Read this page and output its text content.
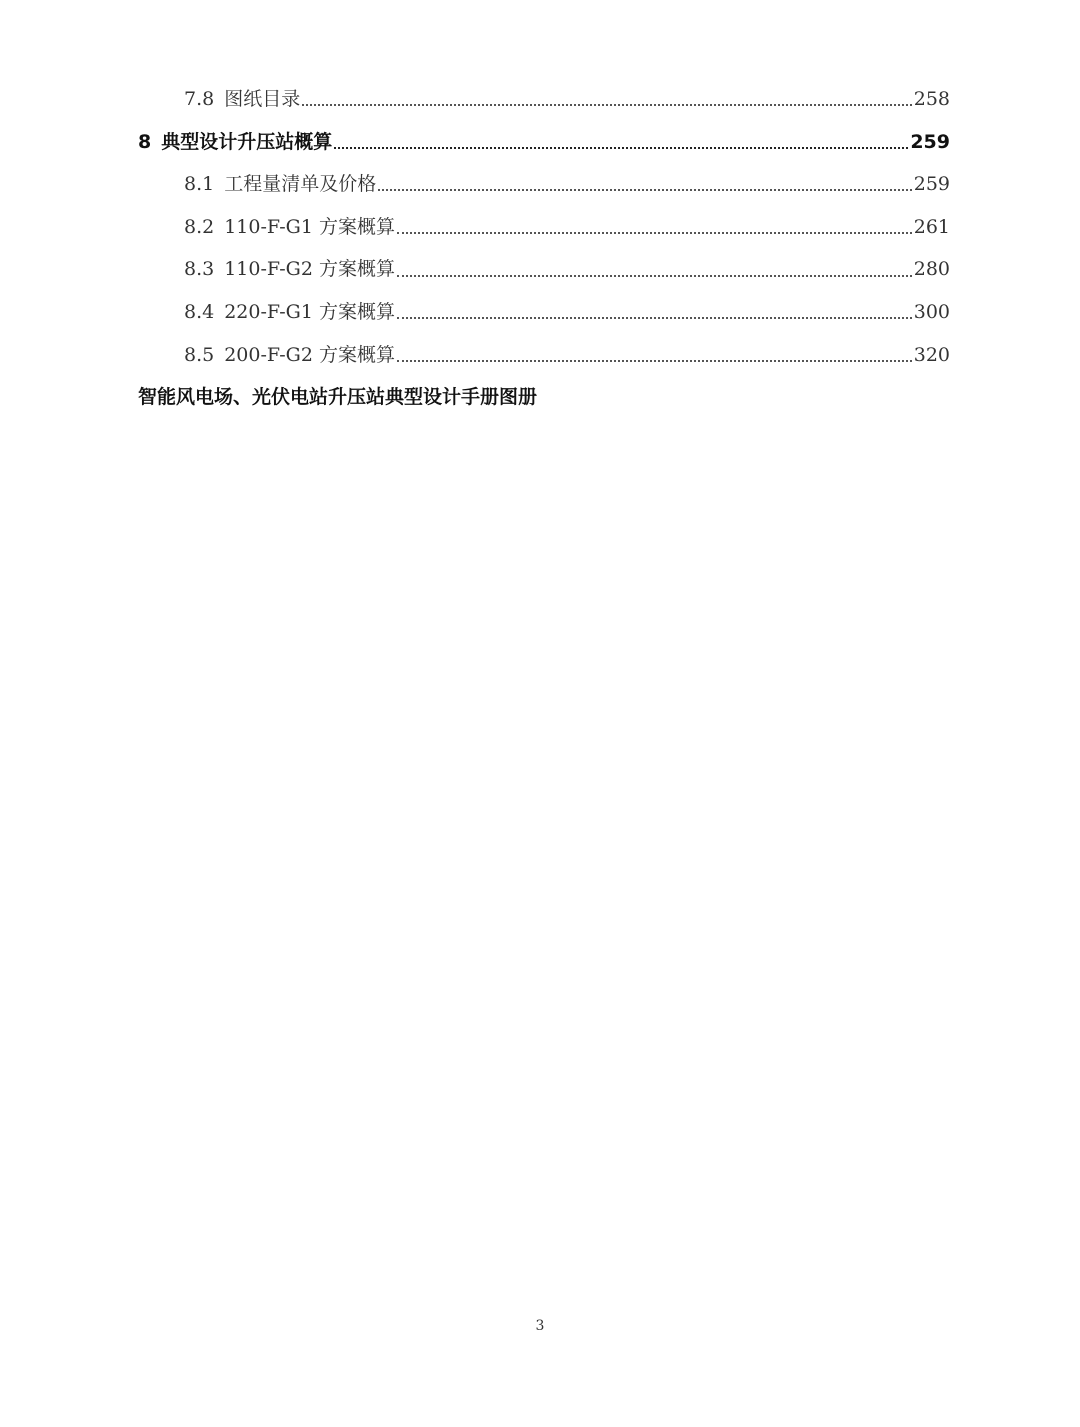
7.8 图纸目录	258
8 典型设计升压站概算	259
8.1 工程量清单及价格	259
8.2 110-F-G1 方案概算	261
8.3 110-F-G2 方案概算	280
8.4 220-F-G1 方案概算	300
8.5 200-F-G2 方案概算	320
智能风电场、光伏电站升压站典型设计手册图册
3
